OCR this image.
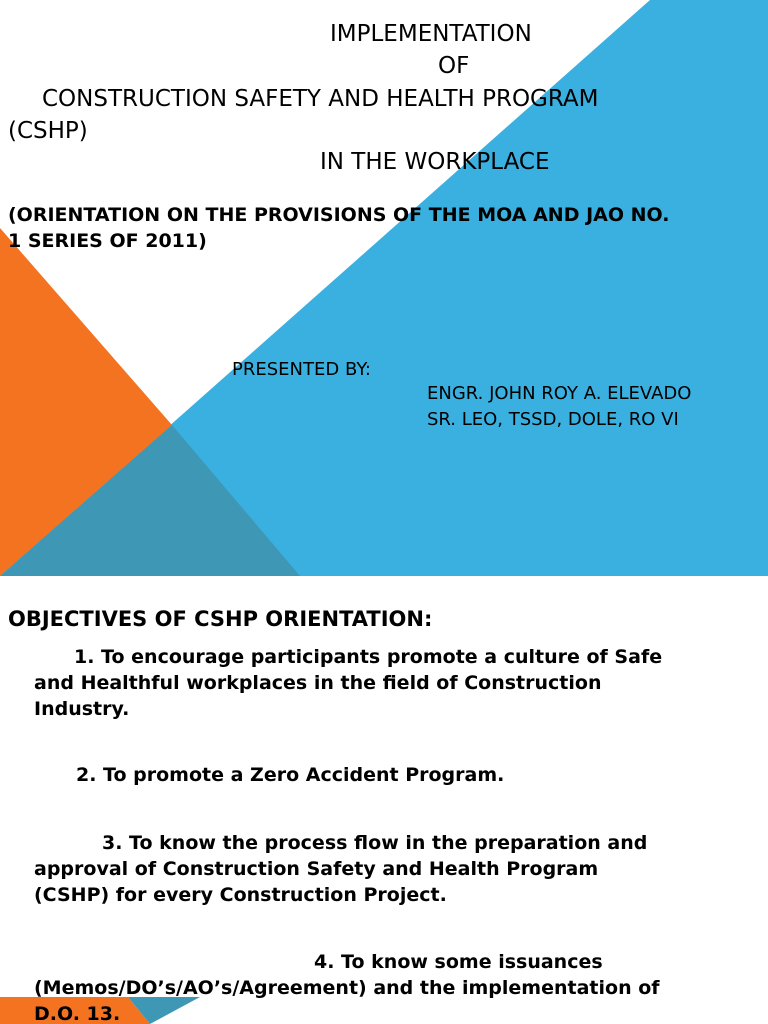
IMPLEMENTATION

OF

CONSTRUCTION SAFETY AND HEALTH PROGRAM

(CSHP)

IN THE WORKPLACE

(ORIENTATION ON THE PROVISIONS OF THE MOA AND JAO NO.

1 SERIES OF 2011)

PRESENTED BY:

ENGR. JOHN ROY A. ELEVADO

SR. LEO, TSSD, DOLE, RO VI

OBJECTIVES OF CSHP ORIENTATION:

1. To encourage participants promote a culture of Safe
and Healthful workplaces in the field of Construction
Industry.
2. To promote a Zero Accident Program.
3. To know the process flow in the preparation and
approval of Construction Safety and Health Program
(CSHP) for every Construction Project.
4. To know some issuances
(Memos/DO’s/AO’s/Agreement) and the implementation of
D.O. 13.
